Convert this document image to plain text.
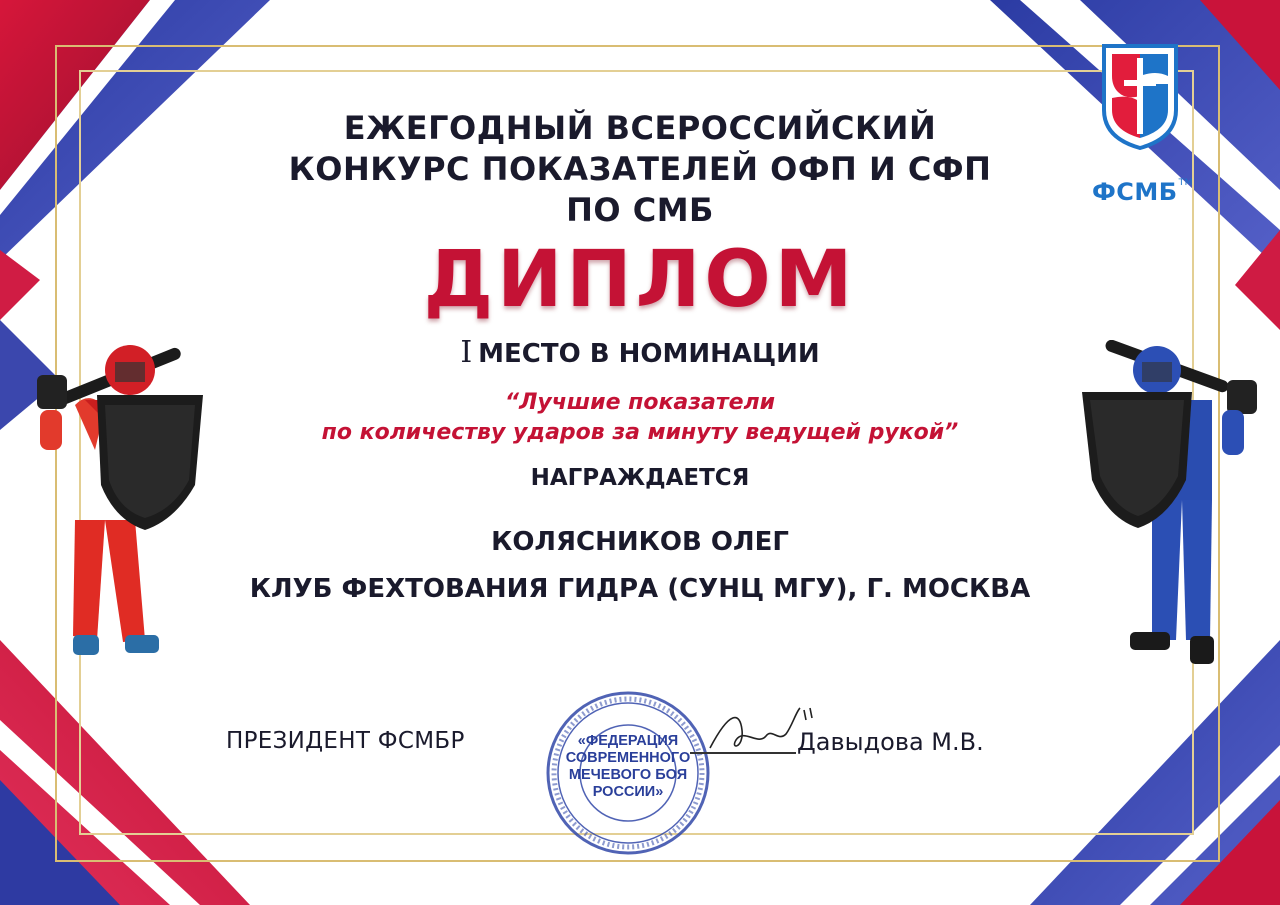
ФСМБ™
ЕЖЕГОДНЫЙ ВСЕРОССИЙСКИЙ
КОНКУРС ПОКАЗАТЕЛЕЙ ОФП И СФП
ПО СМБ
ДИПЛОМ
I МЕСТО В НОМИНАЦИИ
“Лучшие показатели
по количеству ударов за минуту ведущей рукой”
НАГРАЖДАЕТСЯ
КОЛЯСНИКОВ ОЛЕГ
КЛУБ ФЕХТОВАНИЯ ГИДРА (СУНЦ МГУ), Г. МОСКВА
ПРЕЗИДЕНТ ФСМБР	«ФЕДЕРАЦИЯ
СОВРЕМЕННОГО
МЕЧЕВОГО БОЯ
РОССИИ»
Давыдова М.В.
